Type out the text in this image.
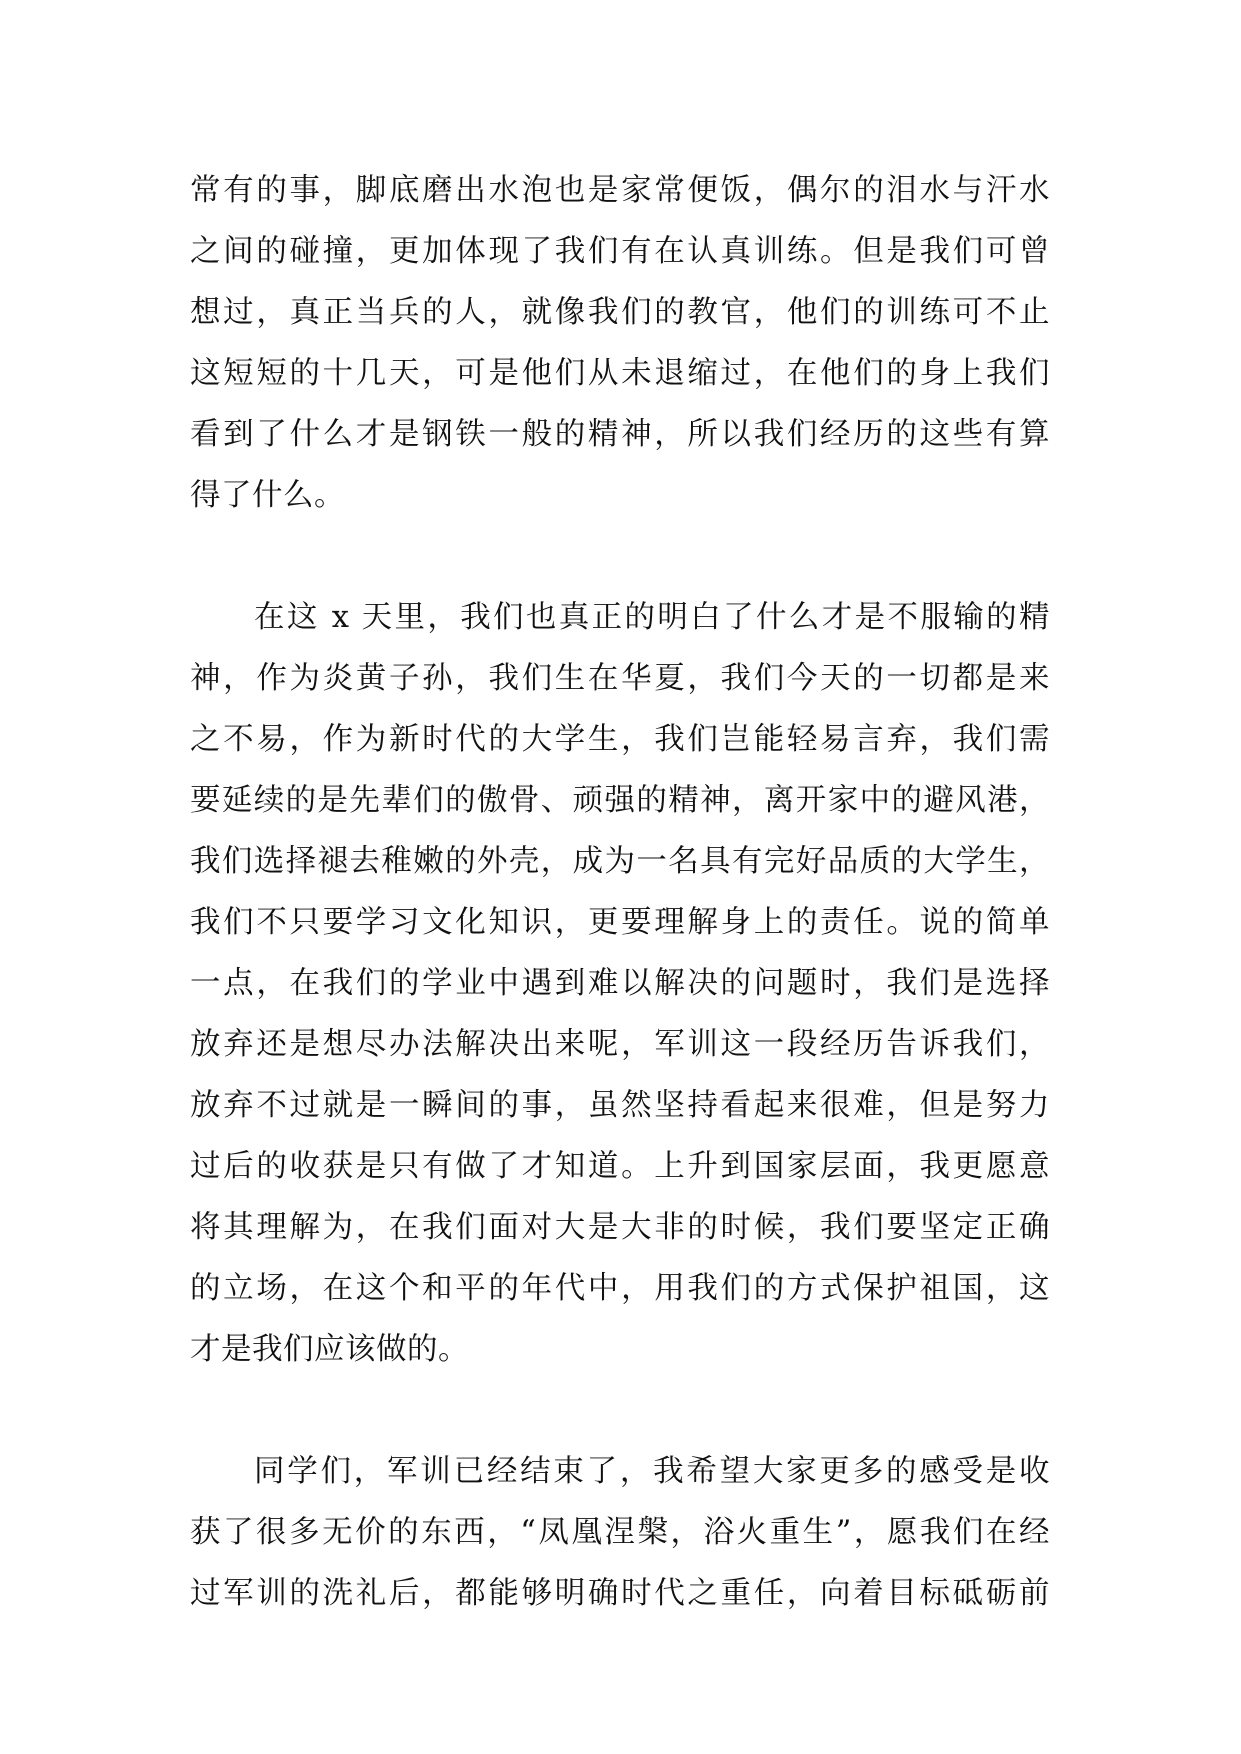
常有的事，脚底磨出水泡也是家常便饭，偶尔的泪水与汗水
之间的碰撞，更加体现了我们有在认真训练。但是我们可曾
想过，真正当兵的人，就像我们的教官，他们的训练可不止
这短短的十几天，可是他们从未退缩过，在他们的身上我们
看到了什么才是钢铁一般的精神，所以我们经历的这些有算
得了什么。

在这 x 天里，我们也真正的明白了什么才是不服输的精
神，作为炎黄子孙，我们生在华夏，我们今天的一切都是来
之不易，作为新时代的大学生，我们岂能轻易言弃，我们需
要延续的是先辈们的傲骨、顽强的精神，离开家中的避风港，
我们选择褪去稚嫩的外壳，成为一名具有完好品质的大学生，
我们不只要学习文化知识，更要理解身上的责任。说的简单
一点，在我们的学业中遇到难以解决的问题时，我们是选择
放弃还是想尽办法解决出来呢，军训这一段经历告诉我们，
放弃不过就是一瞬间的事，虽然坚持看起来很难，但是努力
过后的收获是只有做了才知道。上升到国家层面，我更愿意
将其理解为，在我们面对大是大非的时候，我们要坚定正确
的立场，在这个和平的年代中，用我们的方式保护祖国，这
才是我们应该做的。

同学们，军训已经结束了，我希望大家更多的感受是收
获了很多无价的东西，“凤凰涅槃，浴火重生”，愿我们在经
过军训的洗礼后，都能够明确时代之重任，向着目标砥砺前
